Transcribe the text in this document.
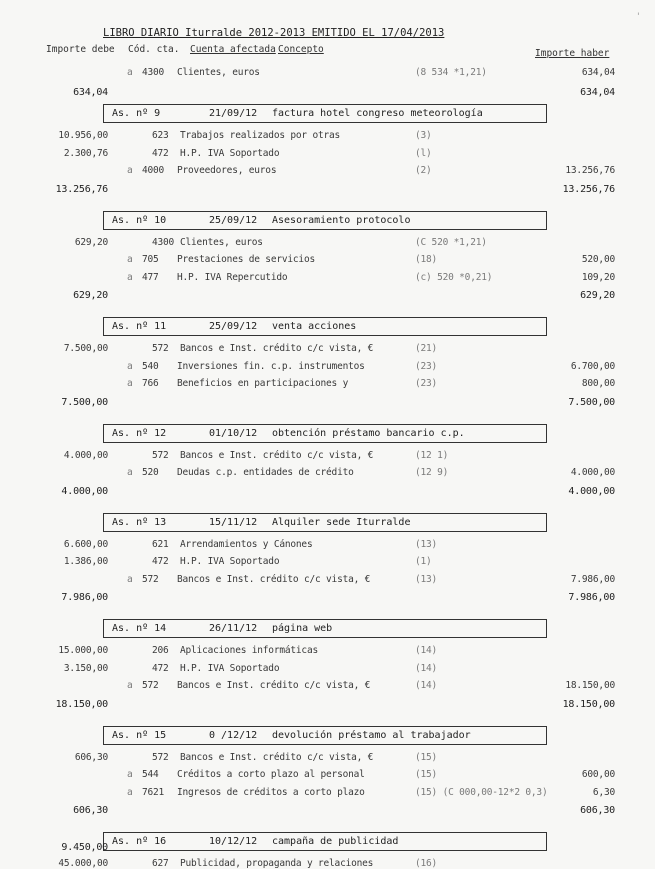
'
LIBRO DIARIO Iturralde 2012-2013 EMITIDO EL 17/04/2013
Importe debe Cód. cta. Cuenta afectada Concepto	Importe haber
a 4300 Clientes, euros	(8 534 *1,21)	634,04
634,04	634,04
As. nº 9	21/09/12 factura hotel congreso meteorología
10.956,00	623 Trabajos realizados por otras	(3)
2.300,76	472 H.P. IVA Soportado	(l)
a 4000 Proveedores, euros	(2)	13.256,76
13.256,76	13.256,76
As. nº 10	25/09/12 Asesoramiento protocolo
629,20	4300 Clientes, euros	(C 520 *1,21)
a 705 Prestaciones de servicios	(18)	520,00
a 477 H.P. IVA Repercutido	(c) 520 *0,21)	109,20
629,20	629,20
As. nº 11	25/09/12 venta acciones
7.500,00	572 Bancos e Inst. crédito c/c vista, €	(21)
a 540 Inversiones fin. c.p. instrumentos	(23)	6.700,00
a 766 Beneficios en participaciones y	(23)	800,00
7.500,00	7.500,00
As. nº 12	01/10/12 obtención préstamo bancario c.p.
4.000,00	572 Bancos e Inst. crédito c/c vista, €	(12 1)
a 520 Deudas c.p. entidades de crédito	(12 9)	4.000,00
4.000,00	4.000,00
As. nº 13	15/11/12 Alquiler sede Iturralde
6.600,00	621 Arrendamientos y Cánones	(13)
1.386,00	472 H.P. IVA Soportado	(1)
a 572 Bancos e Inst. crédito c/c vista, €	(13)	7.986,00
7.986,00	7.986,00
As. nº 14	26/11/12 página web
15.000,00	206 Aplicaciones informáticas	(14)
3.150,00	472 H.P. IVA Soportado	(14)
a 572 Bancos e Inst. crédito c/c vista, €	(14)	18.150,00
18.150,00	18.150,00
As. nº 15	0 /12/12 devolución préstamo al trabajador
606,30	572 Bancos e Inst. crédito c/c vista, €	(15)
a 544 Créditos a corto plazo al personal	(15)	600,00
a 7621 Ingresos de créditos a corto plazo	(15) (C 000,00-12*2 0,3)	6,30
606,30	606,30
As. nº 16	10/12/12 campaña de publicidad
45.000,00	627 Publicidad, propaganda y relaciones	(16)
9.450,00
